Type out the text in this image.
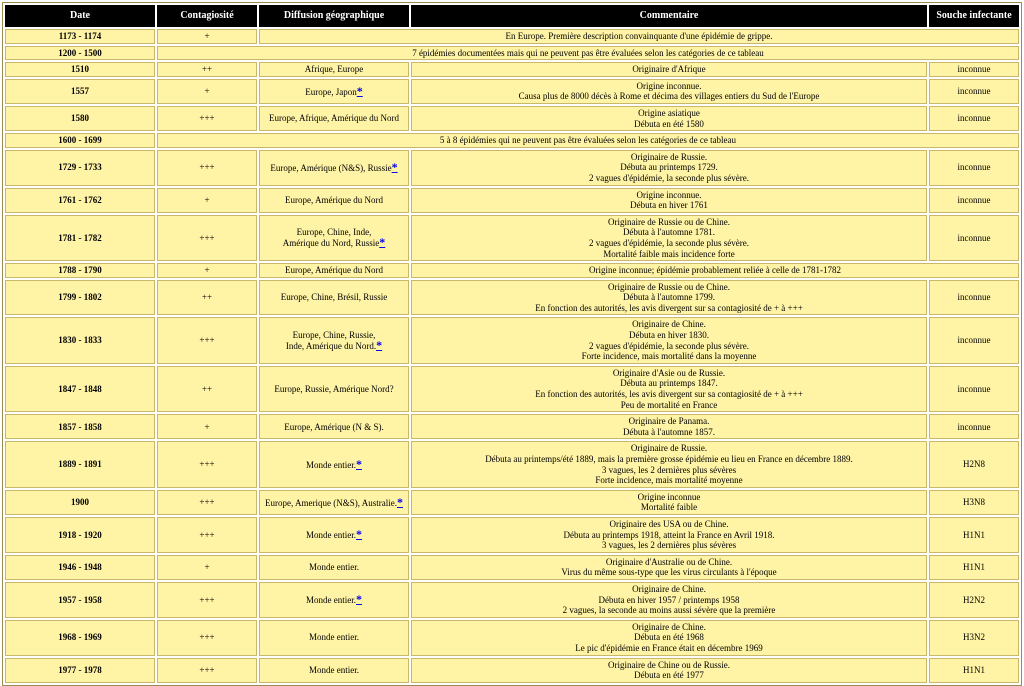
Date	Contagiosité	Diffusion géographique	Commentaire	Souche infectante
1173 - 1174	+	En Europe. Première description convainquante d'une épidémie de grippe.		

1200 - 1500	7 épidémies documentées mais qui ne peuvent pas être évaluées selon les catégories de ce tableau			

1510	++	Afrique, Europe	Originaire d'Afrique	inconnue
1557	+	Europe, Japon*	Origine inconnue.
Causa plus de 8000 décès à Rome et décima des villages entiers du Sud de l'Europe	inconnue
1580	+++	Europe, Afrique, Amérique du Nord	Origine asiatique
Débuta en été 1580	inconnue
1600 - 1699	5 à 8 épidémies qui ne peuvent pas être évaluées selon les catégories de ce tableau			

1729 - 1733	+++	Europe, Amérique (N&S), Russie*	Originaire de Russie.
Débuta au printemps 1729.
2 vagues d'épidémie, la seconde plus sévère.	inconnue
1761 - 1762	+	Europe, Amérique du Nord	Origine inconnue.
Débuta en hiver 1761	inconnue
1781 - 1782	+++	Europe, Chine, Inde,
Amérique du Nord, Russie*	Originaire de Russie ou de Chine.
Débuta à l'automne 1781.
2 vagues d'épidémie, la seconde plus sévère.
Mortalité faible mais incidence forte	inconnue
1788 - 1790	+	Europe, Amérique du Nord	Origine inconnue; épidémie probablement reliée à celle de 1781-1782	

1799 - 1802	++	Europe, Chine, Brésil, Russie	Originaire de Russie ou de Chine.
Débuta à l'automne 1799.
En fonction des autorités, les avis divergent sur sa contagiosité de + à +++	inconnue
1830 - 1833	+++	Europe, Chine, Russie,
Inde, Amérique du Nord.*	Originaire de Chine.
Débuta en hiver 1830.
2 vagues d'épidémie, la seconde plus sévère.
Forte incidence, mais mortalité dans la moyenne	inconnue
1847 - 1848	++	Europe, Russie, Amérique Nord?	Originaire d'Asie ou de Russie.
Débuta au printemps 1847.
En fonction des autorités, les avis divergent sur sa contagiosité de + à +++
Peu de mortalité en France	inconnue
1857 - 1858	+	Europe, Amérique (N & S).	Originaire de Panama.
Débuta à l'automne 1857.	inconnue
1889 - 1891	+++	Monde entier.*	Originaire de Russie.
Débuta au printemps/été 1889, mais la première grosse épidémie eu lieu en France en décembre 1889.
3 vagues, les 2 dernières plus sévères
Forte incidence, mais mortalité moyenne	H2N8
1900	+++	Europe, Amerique (N&S), Australie.*	Origine inconnue
Mortalité faible	H3N8
1918 - 1920	+++	Monde entier.*	Originaire des USA ou de Chine.
Débuta au printemps 1918, atteint la France en Avril 1918.
3 vagues, les 2 dernières plus sévères	H1N1
1946 - 1948	+	Monde entier.	Originaire d'Australie ou de Chine.
Virus du même sous-type que les virus circulants à l'époque	H1N1
1957 - 1958	+++	Monde entier.*	Originaire de Chine.
Débuta en hiver 1957 / printemps 1958
2 vagues, la seconde au moins aussi sévère que la première	H2N2
1968 - 1969	+++	Monde entier.	Originaire de Chine.
Débuta en été 1968
Le pic d'épidémie en France était en décembre 1969	H3N2
1977 - 1978	+++	Monde entier.	Originaire de Chine ou de Russie.
Débuta en été 1977	H1N1
